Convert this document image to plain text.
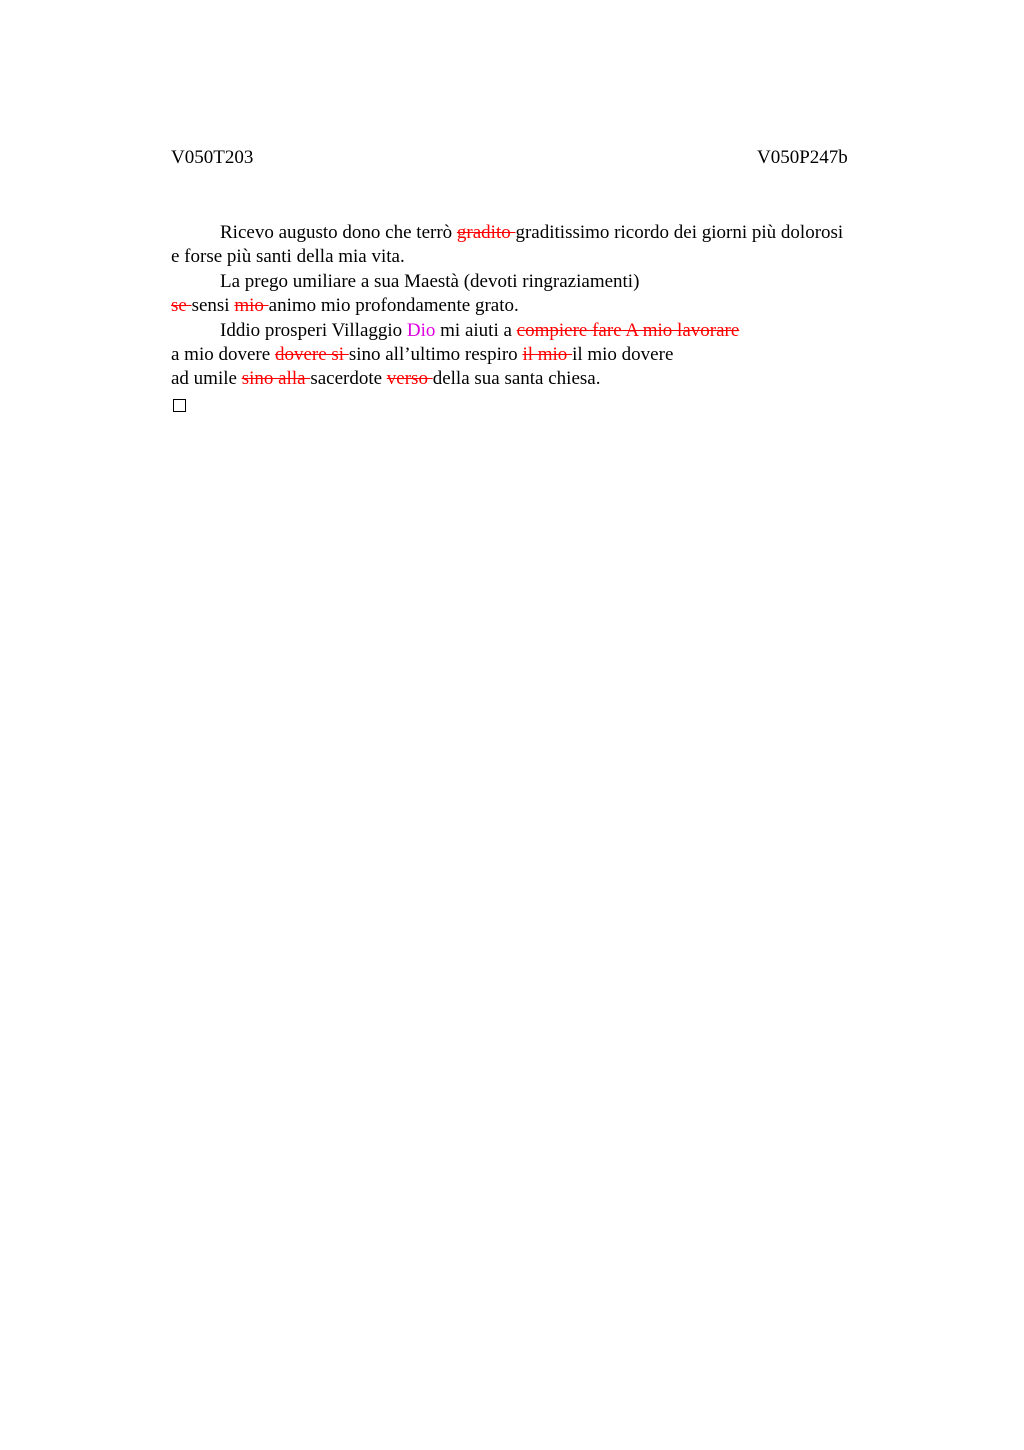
V050T203	V050P247b
Ricevo augusto dono che terrò gradito graditissimo ricordo dei giorni più dolorosi
e forse più santi della mia vita.
La prego umiliare a sua Maestà (devoti ringraziamenti)
se sensi mio animo mio profondamente grato.
Iddio prosperi Villaggio Dio mi aiuti a compiere fare A mio lavorare
a mio dovere dovere si sino all’ultimo respiro il mio il mio dovere
ad umile sino alla sacerdote verso della sua santa chiesa.
